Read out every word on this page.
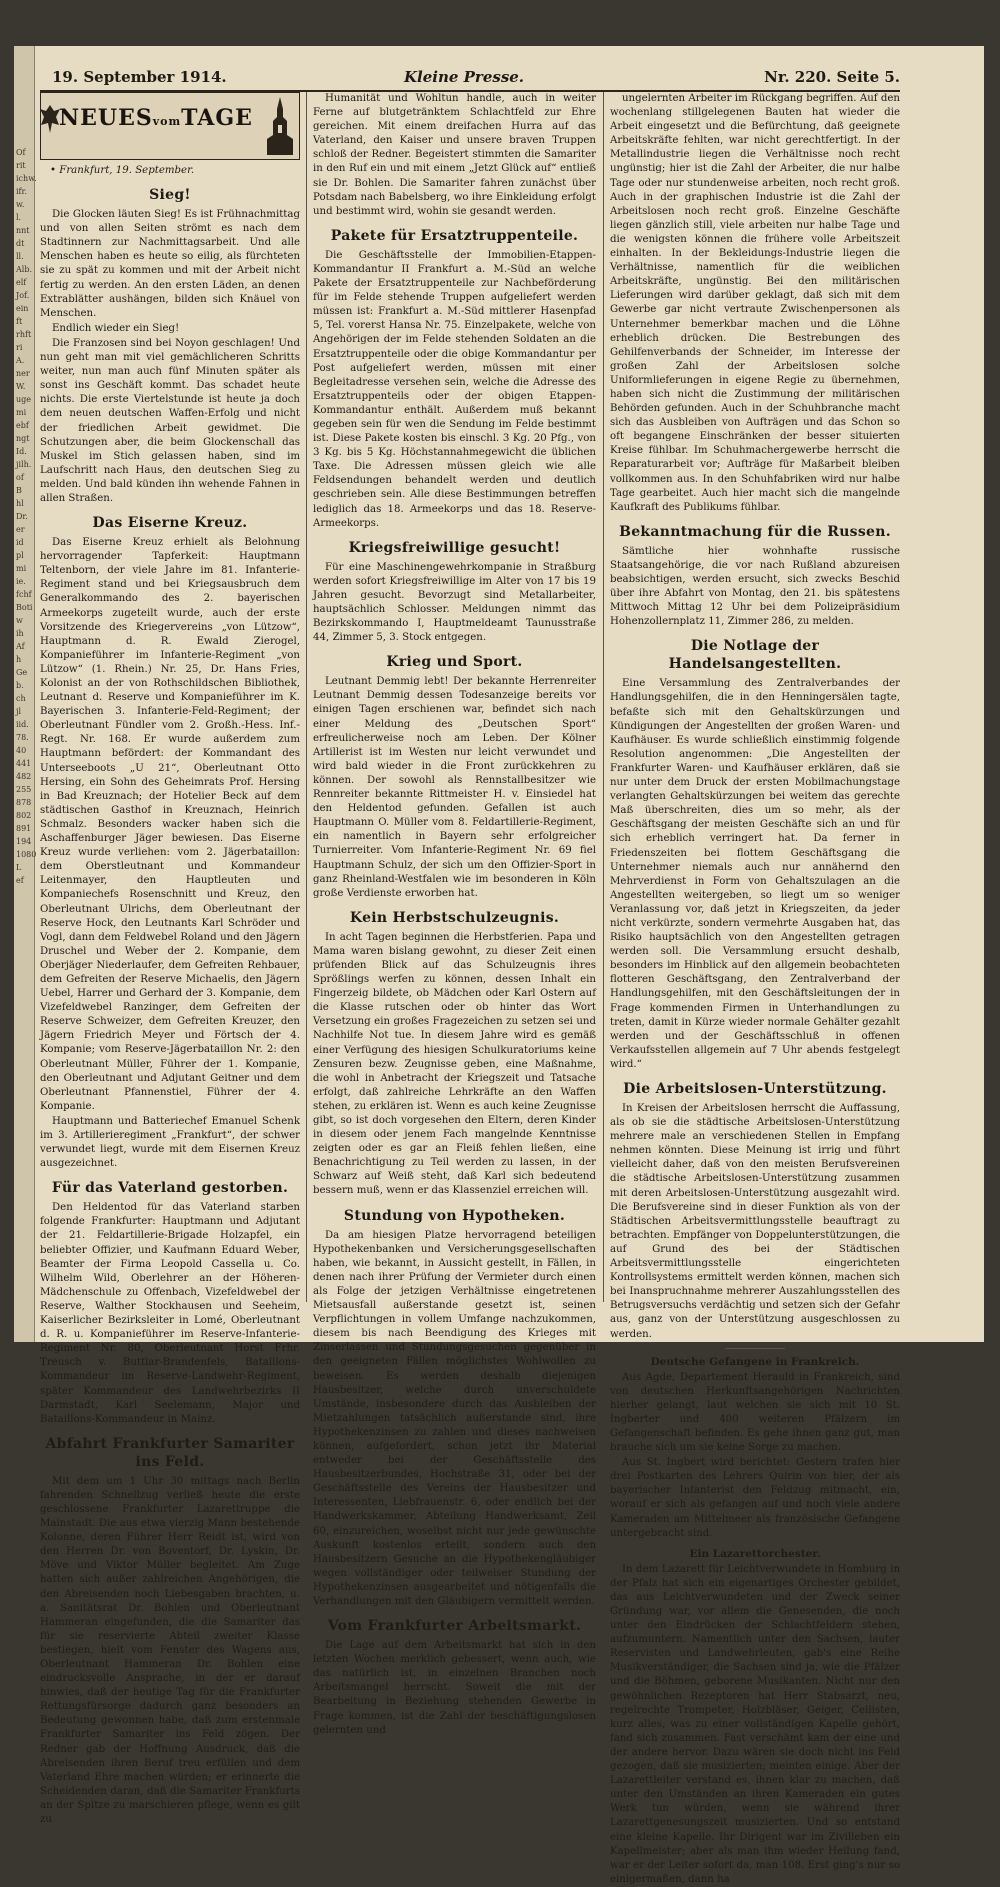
Of
rit
ichw.
ifr.
w.
l.
nnt
dt
ll.
Alb.
elf
Jof.
ein
ft
rhft
ri
A.
ner
W.
uge
mi
ebf
ngt
Id.
jilh.
of
B
hl
Dr.
er
id
pl
mi
ie.
fchf
Boti
w
ih
Af
h
Ge
b.
ch
jl
iid.
78.
40
441
482
255
878
802
891
194
1080
L
ef
19. September 1914.	Kleine Presse.	Nr. 220. Seite 5.
NEUESvomTAGE
• Frankfurt, 19. September.
Sieg!

Die Glocken läuten Sieg! Es ist Frühnachmittag und von allen Seiten strömt es nach dem Stadtinnern zur Nachmittagsarbeit. Und alle Menschen haben es heute so eilig, als fürchteten sie zu spät zu kommen und mit der Arbeit nicht fertig zu werden. An den ersten Läden, an denen Extrablätter aushängen, bilden sich Knäuel von Menschen.

Endlich wieder ein Sieg!

Die Franzosen sind bei Noyon geschlagen! Und nun geht man mit viel gemächlicheren Schritts weiter, nun man auch fünf Minuten später als sonst ins Geschäft kommt. Das schadet heute nichts. Die erste Viertelstunde ist heute ja doch dem neuen deutschen Waffen-Erfolg und nicht der friedlichen Arbeit gewidmet. Die Schutzungen aber, die beim Glockenschall das Muskel im Stich gelassen haben, sind im Laufschritt nach Haus, den deutschen Sieg zu melden. Und bald künden ihn wehende Fahnen in allen Straßen.

Das Eiserne Kreuz.

Das Eiserne Kreuz erhielt als Belohnung hervorragender Tapferkeit: Hauptmann Teltenborn, der viele Jahre im 81. Infanterie-Regiment stand und bei Kriegsausbruch dem Generalkommando des 2. bayerischen Armeekorps zugeteilt wurde, auch der erste Vorsitzende des Kriegervereins „von Lützow“, Hauptmann d. R. Ewald Zierogel, Kompanieführer im Infanterie-Regiment „von Lützow“ (1. Rhein.) Nr. 25, Dr. Hans Fries, Kolonist an der von Rothschildschen Bibliothek, Leutnant d. Reserve und Kompanieführer im K. Bayerischen 3. Infanterie-Feld-Regiment; der Oberleutnant Fündler vom 2. Großh.-Hess. Inf.-Regt. Nr. 168. Er wurde außerdem zum Hauptmann befördert: der Kommandant des Unterseeboots „U 21“, Oberleutnant Otto Hersing, ein Sohn des Geheimrats Prof. Hersing in Bad Kreuznach; der Hotelier Beck auf dem städtischen Gasthof in Kreuznach, Heinrich Schmalz. Besonders wacker haben sich die Aschaffenburger Jäger bewiesen. Das Eiserne Kreuz wurde verliehen: vom 2. Jägerbataillon: dem Oberstleutnant und Kommandeur Leitenmayer, den Hauptleuten und Kompaniechefs Rosenschnitt und Kreuz, den Oberleutnant Ulrichs, dem Oberleutnant der Reserve Hock, den Leutnants Karl Schröder und Vogl, dann dem Feldwebel Roland und den Jägern Druschel und Weber der 2. Kompanie, dem Oberjäger Niederlaufer, dem Gefreiten Rehbauer, dem Gefreiten der Reserve Michaelis, den Jägern Uebel, Harrer und Gerhard der 3. Kompanie, dem Vizefeldwebel Ranzinger, dem Gefreiten der Reserve Schweizer, dem Gefreiten Kreuzer, den Jägern Friedrich Meyer und Förtsch der 4. Kompanie; vom Reserve-Jägerbataillon Nr. 2: den Oberleutnant Müller, Führer der 1. Kompanie, den Oberleutnant und Adjutant Geitner und dem Oberleutnant Pfannenstiel, Führer der 4. Kompanie.

Hauptmann und Batteriechef Emanuel Schenk im 3. Artillerieregiment „Frankfurt“, der schwer verwundet liegt, wurde mit dem Eisernen Kreuz ausgezeichnet.

Für das Vaterland gestorben.

Den Heldentod für das Vaterland starben folgende Frankfurter: Hauptmann und Adjutant der 21. Feldartillerie-Brigade Holzapfel, ein beliebter Offizier, und Kaufmann Eduard Weber, Beamter der Firma Leopold Cassella u. Co. Wilhelm Wild, Oberlehrer an der Höheren-Mädchenschule zu Offenbach, Vizefeldwebel der Reserve, Walther Stockhausen und Seeheim, Kaiserlicher Bezirksleiter in Lomé, Oberleutnant d. R. u. Kompanieführer im Reserve-Infanterie-Regiment Nr. 80, Oberleutnant Horst Frhr. Treusch v. Buttlar-Brandenfels, Bataillons-Kommandeur im Reserve-Landwehr-Regiment, später Kommandeur des Landwehrbezirks II Darmstadt, Karl Seelemann, Major und Bataillons-Kommandeur in Mainz.

Abfahrt Frankfurter Samariter ins Feld.

Mit dem um 1 Uhr 30 mittags nach Berlin fahrenden Schnellzug verließ heute die erste geschlossene Frankfurter Lazarettruppe die Mainstadt. Die aus etwa vierzig Mann bestehende Kolonne, deren Führer Herr Reidt ist, wird von den Herren Dr. von Boventorf, Dr. Lyskin, Dr. Möve und Viktor Müller begleitet. Am Zuge hatten sich außer zahlreichen Angehörigen, die den Abreisenden noch Liebesgaben brachten, u. a. Sanitätsrat Dr. Bohlen und Oberleutnant Hammeran eingefunden, die die Samariter das für sie reservierte Abteil zweiter Klasse bestiegen, hielt vom Fenster des Wagens aus, Oberleutnant Hammeran Dr. Bohlen eine eindrucksvolle Ansprache, in der er darauf hinwies, daß der heutige Tag für die Frankfurter Rettungsfürsorge dadurch ganz besonders an Bedeutung gewonnen habe, daß zum erstenmale Frankfurter Samariter ins Feld zögen. Der Redner gab der Hoffnung Ausdruck, daß die Abreisenden ihren Beruf treu erfüllen und dem Vaterland Ehre machen würden; er erinnerte die Scheidenden daran, daß die Samariter Frankfurts an der Spitze zu marschieren pflege, wenn es gilt zu

Humanität und Wohltun handle, auch in weiter Ferne auf blutgetränktem Schlachtfeld zur Ehre gereichen. Mit einem dreifachen Hurra auf das Vaterland, den Kaiser und unsere braven Truppen schloß der Redner. Begeistert stimmten die Samariter in den Ruf ein und mit einem „Jetzt Glück auf“ entließ sie Dr. Bohlen. Die Samariter fahren zunächst über Potsdam nach Babelsberg, wo ihre Einkleidung erfolgt und bestimmt wird, wohin sie gesandt werden.

Pakete für Ersatztruppenteile.

Die Geschäftsstelle der Immobilien-Etappen-Kommandantur II Frankfurt a. M.-Süd an welche Pakete der Ersatztruppenteile zur Nachbeförderung für im Felde stehende Truppen aufgeliefert werden müssen ist: Frankfurt a. M.-Süd mittlerer Hasenpfad 5, Tel. vorerst Hansa Nr. 75. Einzelpakete, welche von Angehörigen der im Felde stehenden Soldaten an die Ersatztruppenteile oder die obige Kommandantur per Post aufgeliefert werden, müssen mit einer Begleitadresse versehen sein, welche die Adresse des Ersatztruppenteils oder der obigen Etappen-Kommandantur enthält. Außerdem muß bekannt gegeben sein für wen die Sendung im Felde bestimmt ist. Diese Pakete kosten bis einschl. 3 Kg. 20 Pfg., von 3 Kg. bis 5 Kg. Höchstannahmegewicht die üblichen Taxe. Die Adressen müssen gleich wie alle Feldsendungen behandelt werden und deutlich geschrieben sein. Alle diese Bestimmungen betreffen lediglich das 18. Armeekorps und das 18. Reserve-Armeekorps.

Kriegsfreiwillige gesucht!

Für eine Maschinengewehrkompanie in Straßburg werden sofort Kriegsfreiwillige im Alter von 17 bis 19 Jahren gesucht. Bevorzugt sind Metallarbeiter, hauptsächlich Schlosser. Meldungen nimmt das Bezirkskommando I, Hauptmeldeamt Taunusstraße 44, Zimmer 5, 3. Stock entgegen.

Krieg und Sport.

Leutnant Demmig lebt! Der bekannte Herrenreiter Leutnant Demmig dessen Todesanzeige bereits vor einigen Tagen erschienen war, befindet sich nach einer Meldung des „Deutschen Sport“ erfreulicherweise noch am Leben. Der Kölner Artillerist ist im Westen nur leicht verwundet und wird bald wieder in die Front zurückkehren zu können. Der sowohl als Rennstallbesitzer wie Rennreiter bekannte Rittmeister H. v. Einsiedel hat den Heldentod gefunden. Gefallen ist auch Hauptmann O. Müller vom 8. Feldartillerie-Regiment, ein namentlich in Bayern sehr erfolgreicher Turnierreiter. Vom Infanterie-Regiment Nr. 69 fiel Hauptmann Schulz, der sich um den Offizier-Sport in ganz Rheinland-Westfalen wie im besonderen in Köln große Verdienste erworben hat.

Kein Herbstschulzeugnis.

In acht Tagen beginnen die Herbstferien. Papa und Mama waren bislang gewohnt, zu dieser Zeit einen prüfenden Blick auf das Schulzeugnis ihres Sprößlings werfen zu können, dessen Inhalt ein Fingerzeig bildete, ob Mädchen oder Karl Ostern auf die Klasse rutschen oder ob hinter das Wort Versetzung ein großes Fragezeichen zu setzen sei und Nachhilfe Not tue. In diesem Jahre wird es gemäß einer Verfügung des hiesigen Schulkuratoriums keine Zensuren bezw. Zeugnisse geben, eine Maßnahme, die wohl in Anbetracht der Kriegszeit und Tatsache erfolgt, daß zahlreiche Lehrkräfte an den Waffen stehen, zu erklären ist. Wenn es auch keine Zeugnisse gibt, so ist doch vorgesehen den Eltern, deren Kinder in diesem oder jenem Fach mangelnde Kenntnisse zeigten oder es gar an Fleiß fehlen ließen, eine Benachrichtigung zu Teil werden zu lassen, in der Schwarz auf Weiß steht, daß Karl sich bedeutend bessern muß, wenn er das Klassenziel erreichen will.

Stundung von Hypotheken.

Da am hiesigen Platze hervorragend beteiligen Hypothekenbanken und Versicherungsgesellschaften haben, wie bekannt, in Aussicht gestellt, in Fällen, in denen nach ihrer Prüfung der Vermieter durch einen als Folge der jetzigen Verhältnisse eingetretenen Mietsausfall außerstande gesetzt ist, seinen Verpflichtungen in vollem Umfange nachzukommen, diesem bis nach Beendigung des Krieges mit Zinserlassen und Stundungsgesuchen gegenüber in den geeigneten Fällen möglichstes Wohlwollen zu beweisen. Es werden deshalb diejenigen Hausbesitzer, welche durch unverschuldete Umstände, insbesondere durch das Ausbleiben der Mietzahlungen tatsächlich außerstande sind, ihre Hypothekenzinsen zu zahlen und dieses nachweisen können, aufgefordert, schon jetzt ihr Material entweder bei der Geschäftsstelle des Hausbesitzerbundes, Hochstraße 31, oder bei der Geschäftsstelle des Vereins der Hausbesitzer und Interessenten, Liebfrauenstr. 6, oder endlich bei der Handwerkskammer, Abteilung Handwerksamt, Zeil 60, einzureichen, woselbst nicht nur jede gewünschte Auskunft kostenlos erteilt, sondern auch den Hausbesitzern Gesuche an die Hypothekengläubiger wegen vollständiger oder teilweiser Stundung der Hypothekenzinsen ausgearbeitet und nötigenfalls die Verhandlungen mit den Gläubigern vermittelt werden.

Vom Frankfurter Arbeitsmarkt.

Die Lage auf dem Arbeitsmarkt hat sich in den letzten Wochen merklich gebessert, wenn auch, wie das natürlich ist, in einzelnen Branchen noch Arbeitsmangel herrscht. Soweit die mit der Bearbeitung in Beziehung stehenden Gewerbe in Frage kommen, ist die Zahl der beschäftigungslosen gelernten und

ungelernten Arbeiter im Rückgang begriffen. Auf den wochenlang stillgelegenen Bauten hat wieder die Arbeit eingesetzt und die Befürchtung, daß geeignete Arbeitskräfte fehlten, war nicht gerechtfertigt. In der Metallindustrie liegen die Verhältnisse noch recht ungünstig; hier ist die Zahl der Arbeiter, die nur halbe Tage oder nur stundenweise arbeiten, noch recht groß. Auch in der graphischen Industrie ist die Zahl der Arbeitslosen noch recht groß. Einzelne Geschäfte liegen gänzlich still, viele arbeiten nur halbe Tage und die wenigsten können die frühere volle Arbeitszeit einhalten. In der Bekleidungs-Industrie liegen die Verhältnisse, namentlich für die weiblichen Arbeitskräfte, ungünstig. Bei den militärischen Lieferungen wird darüber geklagt, daß sich mit dem Gewerbe gar nicht vertraute Zwischenpersonen als Unternehmer bemerkbar machen und die Löhne erheblich drücken. Die Bestrebungen des Gehilfenverbands der Schneider, im Interesse der großen Zahl der Arbeitslosen solche Uniformlieferungen in eigene Regie zu übernehmen, haben sich nicht die Zustimmung der militärischen Behörden gefunden. Auch in der Schuhbranche macht sich das Ausbleiben von Aufträgen und das Schon so oft begangene Einschränken der besser situierten Kreise fühlbar. Im Schuhmachergewerbe herrscht die Reparaturarbeit vor; Aufträge für Maßarbeit bleiben vollkommen aus. In den Schuhfabriken wird nur halbe Tage gearbeitet. Auch hier macht sich die mangelnde Kaufkraft des Publikums fühlbar.

Bekanntmachung für die Russen.

Sämtliche hier wohnhafte russische Staatsangehörige, die vor nach Rußland abzureisen beabsichtigen, werden ersucht, sich zwecks Beschid über ihre Abfahrt von Montag, den 21. bis spätestens Mittwoch Mittag 12 Uhr bei dem Polizeipräsidium Hohenzollernplatz 11, Zimmer 286, zu melden.

Die Notlage der Handelsangestellten.

Eine Versammlung des Zentralverbandes der Handlungsgehilfen, die in den Henningersälen tagte, befaßte sich mit den Gehaltskürzungen und Kündigungen der Angestellten der großen Waren- und Kaufhäuser. Es wurde schließlich einstimmig folgende Resolution angenommen: „Die Angestellten der Frankfurter Waren- und Kaufhäuser erklären, daß sie nur unter dem Druck der ersten Mobilmachungstage verlangten Gehaltskürzungen bei weitem das gerechte Maß überschreiten, dies um so mehr, als der Geschäftsgang der meisten Geschäfte sich an und für sich erheblich verringert hat. Da ferner in Friedenszeiten bei flottem Geschäftsgang die Unternehmer niemals auch nur annähernd den Mehrverdienst in Form von Gehaltszulagen an die Angestellten weitergeben, so liegt um so weniger Veranlassung vor, daß jetzt in Kriegszeiten, da jeder nicht verkürzte, sondern vermehrte Ausgaben hat, das Risiko hauptsächlich von den Angestellten getragen werden soll. Die Versammlung ersucht deshalb, besonders im Hinblick auf den allgemein beobachteten flotteren Geschäftsgang, den Zentralverband der Handlungsgehilfen, mit den Geschäftsleitungen der in Frage kommenden Firmen in Unterhandlungen zu treten, damit in Kürze wieder normale Gehälter gezahlt werden und der Geschäftsschluß in offenen Verkaufsstellen allgemein auf 7 Uhr abends festgelegt wird.“

Die Arbeitslosen-Unterstützung.

In Kreisen der Arbeitslosen herrscht die Auffassung, als ob sie die städtische Arbeitslosen-Unterstützung mehrere male an verschiedenen Stellen in Empfang nehmen könnten. Diese Meinung ist irrig und führt vielleicht daher, daß von den meisten Berufsvereinen die städtische Arbeitslosen-Unterstützung zusammen mit deren Arbeitslosen-Unterstützung ausgezahlt wird. Die Berufsvereine sind in dieser Funktion als von der Städtischen Arbeitsvermittlungsstelle beauftragt zu betrachten. Empfänger von Doppelunterstützungen, die auf Grund des bei der Städtischen Arbeitsvermittlungsstelle eingerichteten Kontrollsystems ermittelt werden können, machen sich bei Inanspruchnahme mehrerer Auszahlungsstellen des Betrugsversuchs verdächtig und setzen sich der Gefahr aus, ganz von der Unterstützung ausgeschlossen zu werden.

Deutsche Gefangene in Frankreich.

Aus Agde, Departement Herauld in Frankreich, sind von deutschen Herkunftsangehörigen Nachrichten hierher gelangt, laut welchen sie sich mit 10 St. Ingberter und 400 weiteren Pfälzern im Gefangenschaft befinden. Es gehe ihnen ganz gut, man brauche sich um sie keine Sorge zu machen.

Aus St. Ingbert wird berichtet: Gestern trafen hier drei Postkarten des Lehrers Quirin von hier, der als bayerischer Infanterist den Feldzug mitmacht, ein, worauf er sich als gefangen auf und noch viele andere Kameraden am Mittelmeer als französische Gefangene untergebracht sind.

Ein Lazarettorchester.

In dem Lazarett für Leichtverwundete in Homburg in der Pfalz hat sich ein eigenartiges Orchester gebildet, das aus Leichtverwundeten und der Zweck seiner Gründung war, vor allem die Genesenden, die noch unter den Eindrücken der Schlachtfeldern stehen, aufzumuntern. Namentlich unter den Sachsen, lauter Reservisten und Landwehrleuten, gab's eine Reihe Musikverständiger, die Sachsen sind ja, wie die Pfälzer und die Böhmen, geborene Musikanten. Nicht nur den gewöhnlichen Rezeptoren hat Herr Stabsarzt, neu, regelrechte Trompeter, Holzbläser, Geiger, Cellisten, kurz alles, was zu einer vollständigen Kapelle gehört, fand sich zusammen. Fast verschämt kam der eine und der andere hervor. Dazu wären sie doch nicht ins Feld gezogen, daß sie musizierten; meinten einige. Aber der Lazarettleiter verstand es, ihnen klar zu machen, daß unter den Umständen an ihren Kameraden ein gutes Werk tun würden, wenn sie während ihrer Lazarettgenesungszeit musizierten. Und so entstand eine kleine Kapelle. Ihr Dirigent war im Zivilleben ein Kapellmeister; aber als man ihm wieder Heilung fand, war er der Leiter sofort da, man 108. Erst ging's nur so einigermaßen, dann ha
